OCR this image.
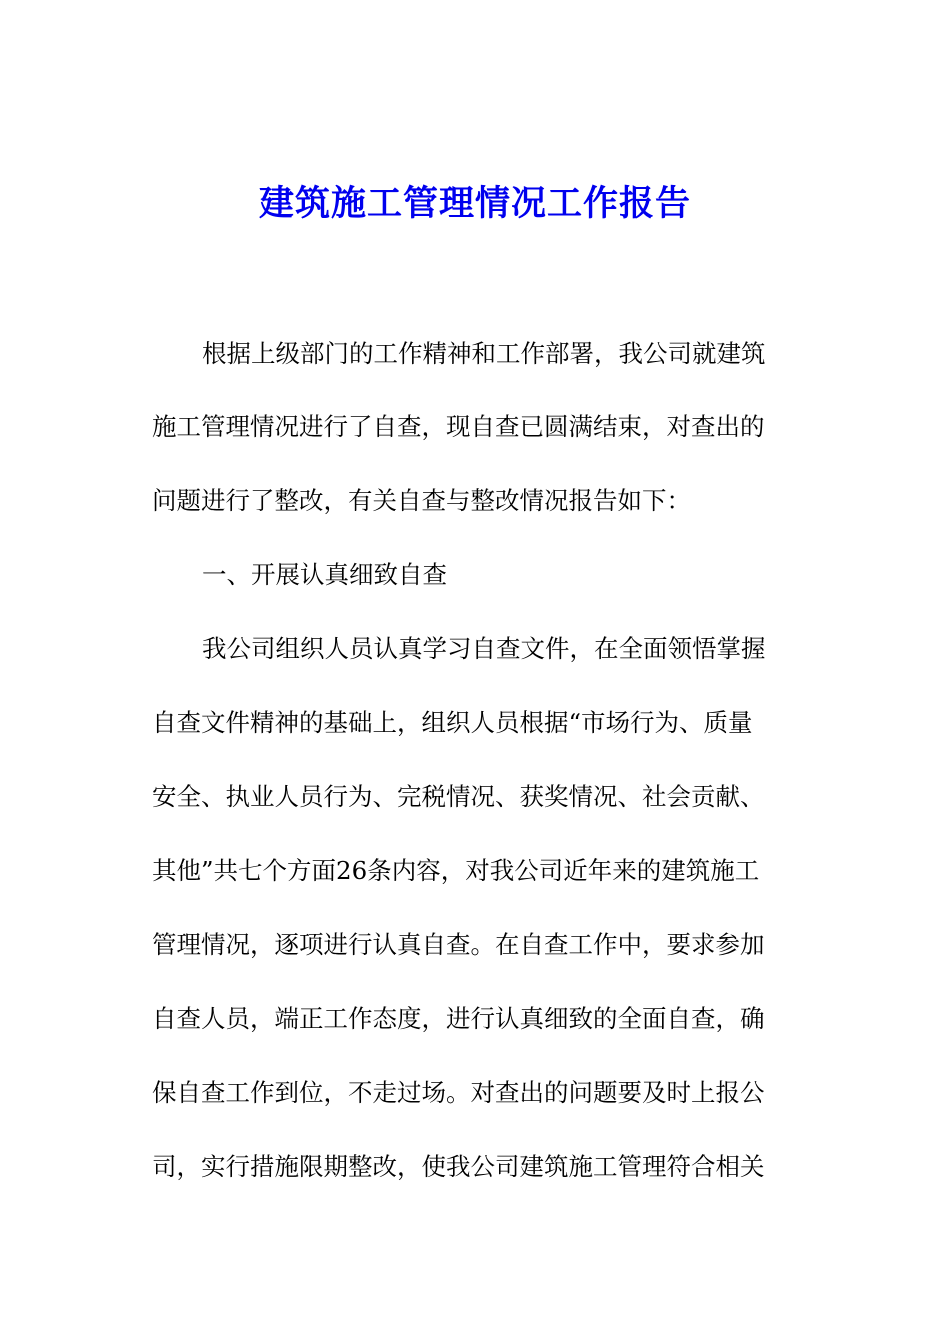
建筑施工管理情况工作报告
根据上级部门的工作精神和工作部署，我公司就建筑
施工管理情况进行了自查，现自查已圆满结束，对查出的
问题进行了整改，有关自查与整改情况报告如下：
一、开展认真细致自查
我公司组织人员认真学习自查文件，在全面领悟掌握
自查文件精神的基础上，组织人员根据“市场行为、质量
安全、执业人员行为、完税情况、获奖情况、社会贡献、
其他”共七个方面26条内容，对我公司近年来的建筑施工
管理情况，逐项进行认真自查。在自查工作中，要求参加
自查人员，端正工作态度，进行认真细致的全面自查，确
保自查工作到位，不走过场。对查出的问题要及时上报公
司，实行措施限期整改，使我公司建筑施工管理符合相关
